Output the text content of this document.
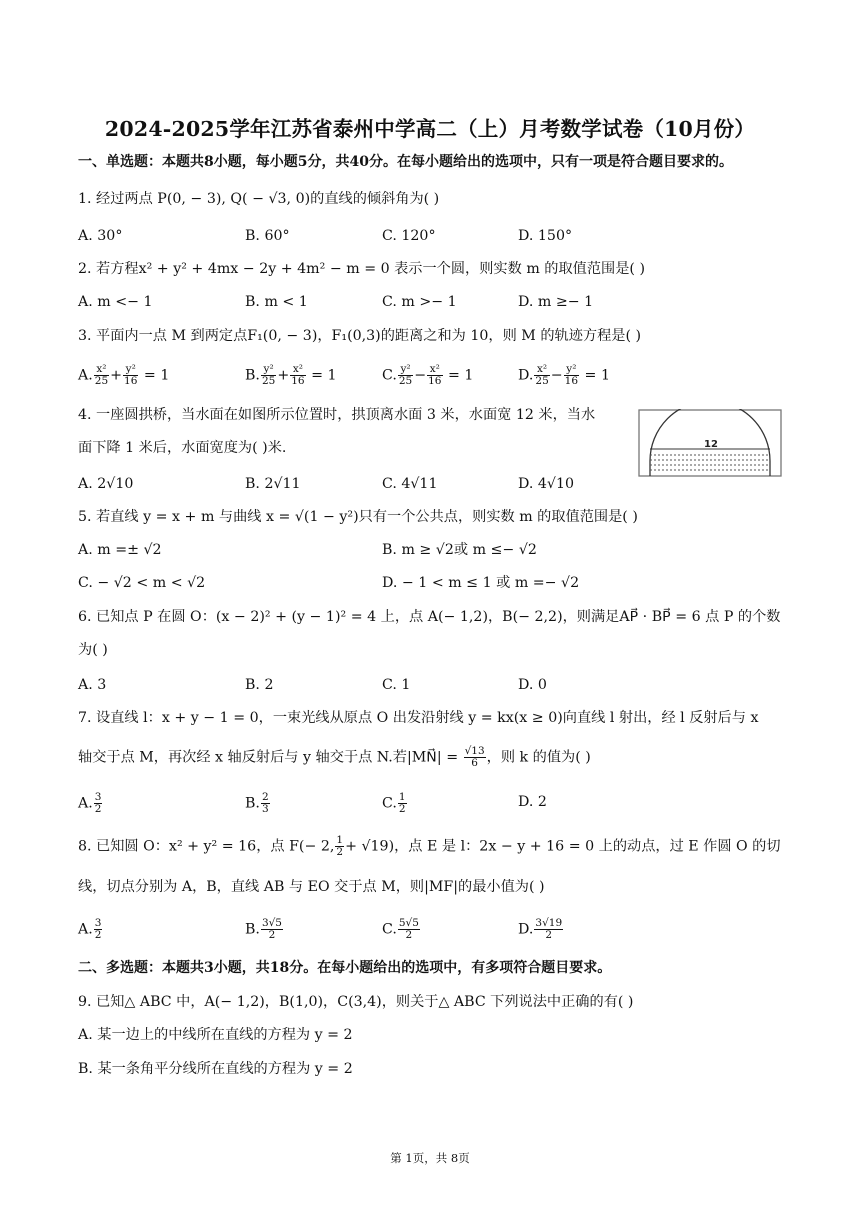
2024-2025学年江苏省泰州中学高二（上）月考数学试卷（10月份）
一、单选题：本题共8小题，每小题5分，共40分。在每小题给出的选项中，只有一项是符合题目要求的。
1. 经过两点 P(0, − 3), Q( − √3, 0)的直线的倾斜角为( )
A. 30°	B. 60°	C. 120°	D. 150°
2. 若方程x² + y² + 4mx − 2y + 4m² − m = 0 表示一个圆，则实数 m 的取值范围是( )
A. m <− 1	B. m < 1	C. m >− 1	D. m ≥− 1
3. 平面内一点 M 到两定点F₁(0, − 3)，F₁(0,3)的距离之和为 10，则 M 的轨迹方程是( )
A. $\frac{\text{x²}}{25} + \frac{\text{y²}}{16} = 1$	B. $\frac{\text{y²}}{25} + \frac{\text{x²}}{16} = 1$	C. $\frac{\text{y²}}{25} - \frac{\text{x²}}{16} = 1$	D. $\frac{\text{x²}}{25} - \frac{\text{y²}}{16} = 1$
4. 一座圆拱桥，当水面在如图所示位置时，拱顶离水面 3 米，水面宽 12 米，当水
面下降 1 米后，水面宽度为( )米.
A. 2√10	B. 2√11	C. 4√11	D. 4√10
12
5. 若直线 y = x + m 与曲线 x = √(1 − y²)只有一个公共点，则实数 m 的取值范围是( )
A. m =± √2	B. m ≥ √2或 m ≤− √2
C. − √2 < m < √2	D. − 1 < m ≤ 1 或 m =− √2
6. 已知点 P 在圆 O：(x − 2)² + (y − 1)² = 4 上，点 A(− 1,2)，B(− 2,2)，则满足AP⃗ · BP⃗ = 6 点 P 的个数
为( )
A. 3	B. 2	C. 1	D. 0
7. 设直线 l：x + y − 1 = 0，一束光线从原点 O 出发沿射线 y = kx(x ≥ 0)向直线 l 射出，经 l 反射后与 x
轴交于点 M，再次经 x 轴反射后与 y 轴交于点 N.若|MN⃗| = $\frac{√13}{6}$ ，则 k 的值为( )
A. $\frac{3}{2}$	B. $\frac{2}{3}$	C. $\frac{1}{2}$	D. 2
8. 已知圆 O：x² + y² = 16，点 F(− 2, $\frac{1}{2} + √19$)，点 E 是 l：2x − y + 16 = 0 上的动点，过 E 作圆 O 的切
线，切点分别为 A，B，直线 AB 与 EO 交于点 M，则|MF|的最小值为( )
A. $\frac{3}{2}$	B. $\frac{3√5}{2}$	C. $\frac{5√5}{2}$	D. $\frac{3√19}{2}$
二、多选题：本题共3小题，共18分。在每小题给出的选项中，有多项符合题目要求。
9. 已知△ ABC 中，A(− 1,2)，B(1,0)，C(3,4)，则关于△ ABC 下列说法中正确的有( )
A. 某一边上的中线所在直线的方程为 y = 2
B. 某一条角平分线所在直线的方程为 y = 2
第 1页，共 8页
